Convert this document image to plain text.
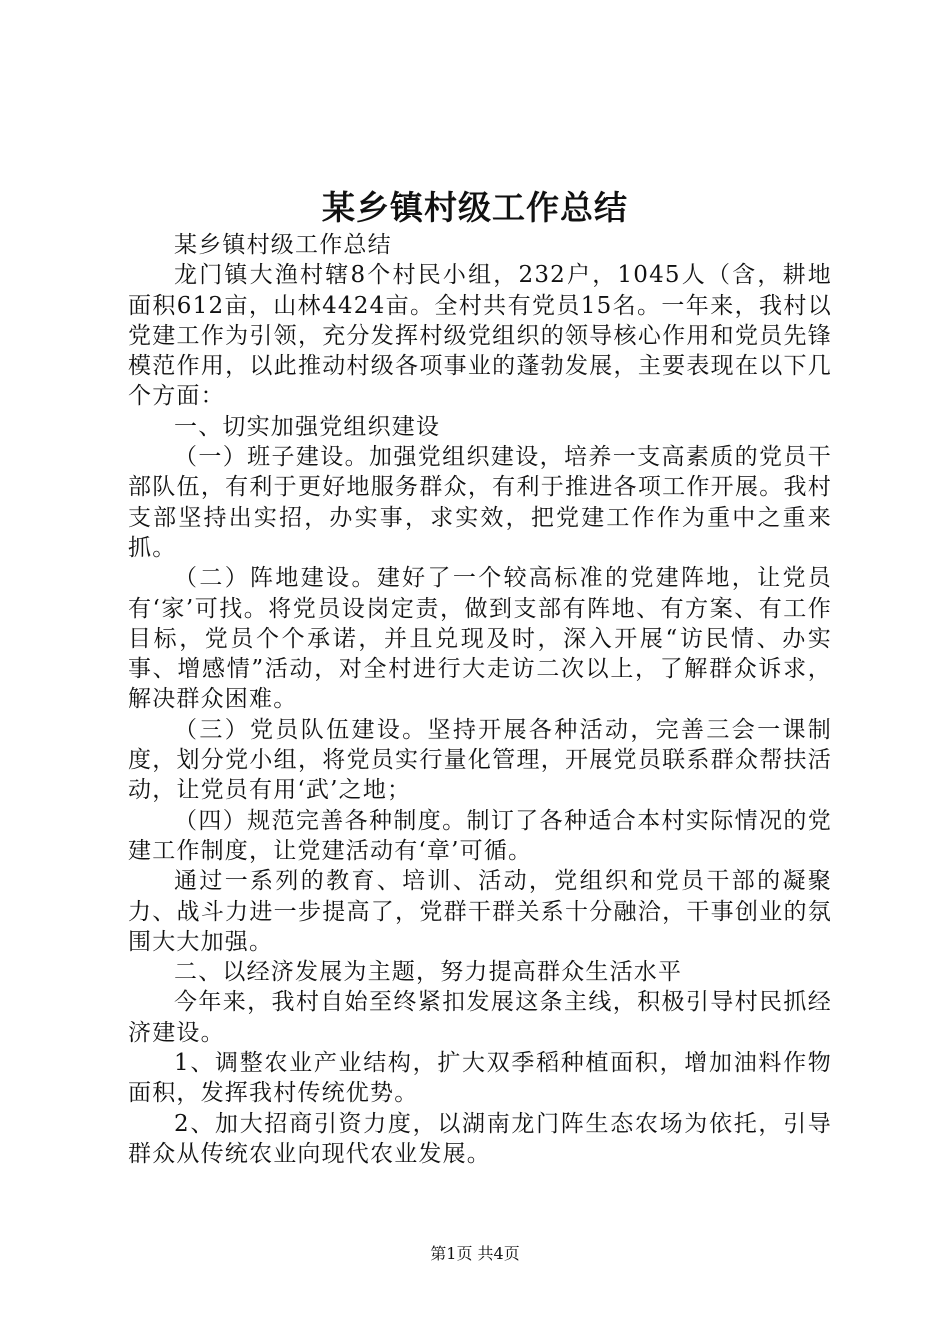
某乡镇村级工作总结

某乡镇村级工作总结

龙门镇大渔村辖8个村民小组，232户，1045人（含，耕地面积612亩，山林4424亩。全村共有党员15名。一年来，我村以党建工作为引领，充分发挥村级党组织的领导核心作用和党员先锋模范作用，以此推动村级各项事业的蓬勃发展，主要表现在以下几个方面：

一、切实加强党组织建设

（一）班子建设。加强党组织建设，培养一支高素质的党员干部队伍，有利于更好地服务群众，有利于推进各项工作开展。我村支部坚持出实招，办实事，求实效，把党建工作作为重中之重来抓。

（二）阵地建设。建好了一个较高标准的党建阵地，让党员有‘家’可找。将党员设岗定责，做到支部有阵地、有方案、有工作目标，党员个个承诺，并且兑现及时，深入开展“访民情、办实事、增感情”活动，对全村进行大走访二次以上，了解群众诉求，解决群众困难。

（三）党员队伍建设。坚持开展各种活动，完善三会一课制度，划分党小组，将党员实行量化管理，开展党员联系群众帮扶活动，让党员有用‘武’之地；

（四）规范完善各种制度。制订了各种适合本村实际情况的党建工作制度，让党建活动有‘章’可循。

通过一系列的教育、培训、活动，党组织和党员干部的凝聚力、战斗力进一步提高了，党群干群关系十分融洽，干事创业的氛围大大加强。

二、以经济发展为主题，努力提高群众生活水平

今年来，我村自始至终紧扣发展这条主线，积极引导村民抓经济建设。

1、调整农业产业结构，扩大双季稻种植面积，增加油料作物面积，发挥我村传统优势。

2、加大招商引资力度，以湖南龙门阵生态农场为依托，引导群众从传统农业向现代农业发展。

第1页 共4页
